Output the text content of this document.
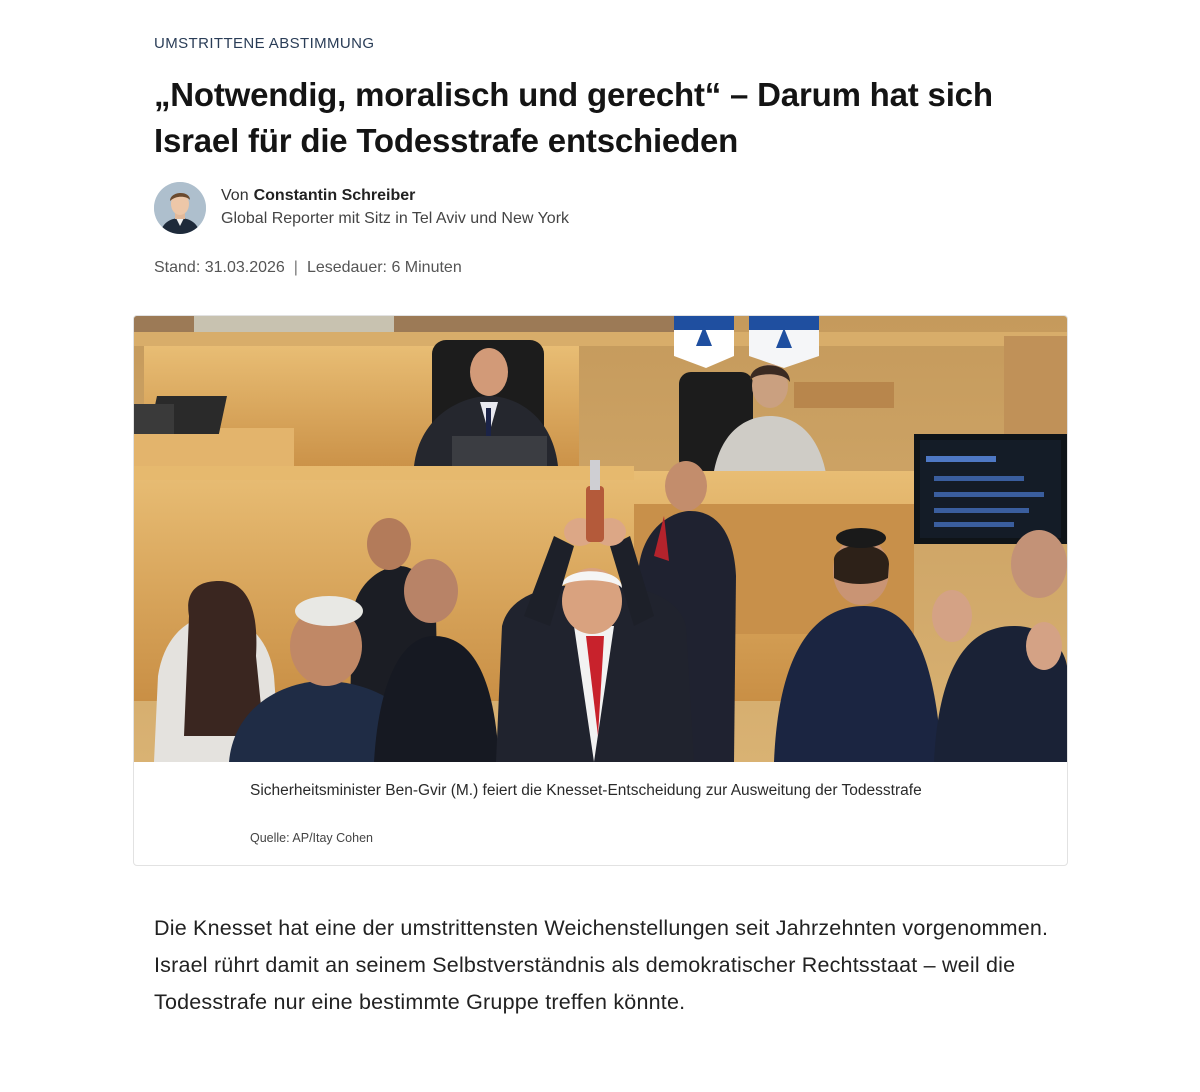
UMSTRITTENE ABSTIMMUNG
„Notwendig, moralisch und gerecht“ – Darum hat sich Israel für die Todesstrafe entschieden
Von Constantin Schreiber
Global Reporter mit Sitz in Tel Aviv und New York
Stand: 31.03.2026 | Lesedauer: 6 Minuten
Sicherheitsminister Ben-Gvir (M.) feiert die Knesset-Entscheidung zur Ausweitung der Todesstrafe
Quelle: AP/Itay Cohen

Die Knesset hat eine der umstrittensten Weichenstellungen seit Jahrzehnten vorgenommen. Israel rührt damit an seinem Selbstverständnis als demokratischer Rechtsstaat – weil die Todesstrafe nur eine bestimmte Gruppe treffen könnte.
